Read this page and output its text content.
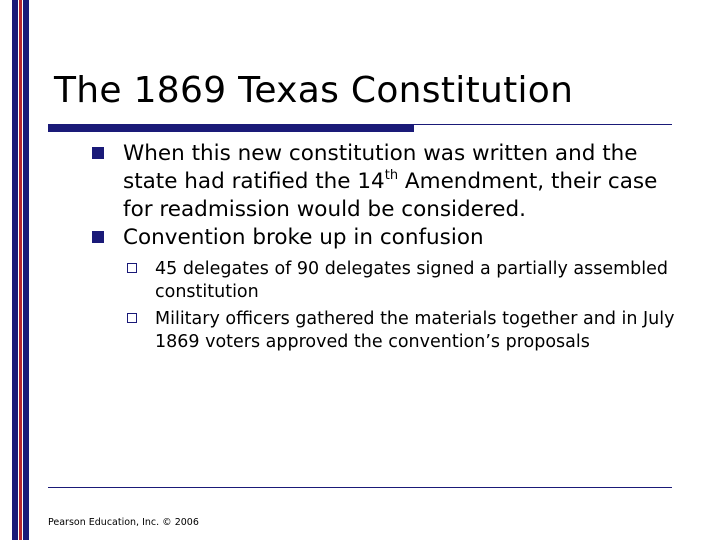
The 1869 Texas Constitution
When this new constitution was written and the state had ratified the 14th Amendment, their case for readmission would be considered.
Convention broke up in confusion
45 delegates of 90 delegates signed a partially assembled constitution
Military officers gathered the materials together and in July 1869 voters approved the convention’s proposals
Pearson Education, Inc. © 2006
